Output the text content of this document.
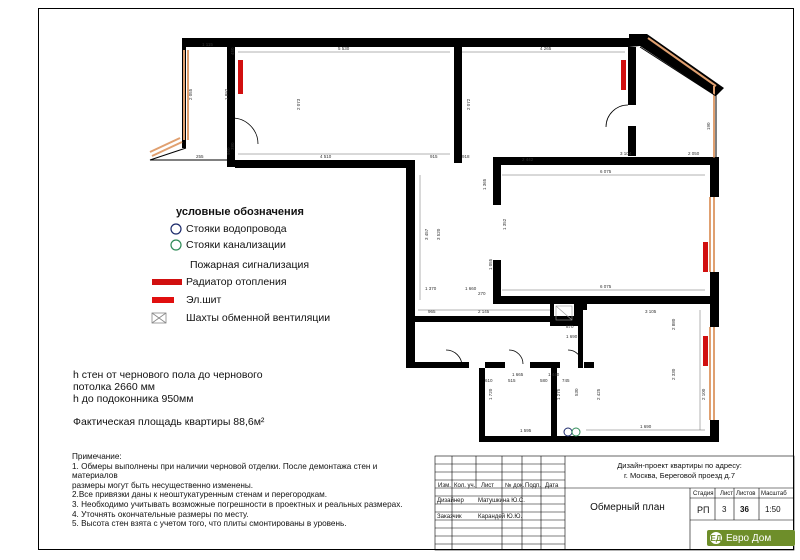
1 115
5 530	4 265
4 510	915	918
2 442
6 075
6 075
2 073	2 072
2 055	1 892
1 365
1 352
1 055
3 520
3 457
965	2 145	3 105
870
1 690
1 595
1 690
3 104	2 050
2 330
2 880
1 665
610	515	580	745
1 720	1 275	2 425
1 370	1 660
450
380
270
255
950
2 100
530
1 440
190
условные обозначения
Стояки водопровода
Стояки канализации
Пожарная сигнализация
Радиатор отопления
Эл.шит
Шахты обменной вентиляции
h стен от чернового пола до чернового
потолка 2660 мм
h до подоконника 950мм
Фактическая площадь квартиры 88,6м²
Примечание:
1. Обмеры выполнены при наличии черновой отделки. После демонтажа стен и материалов
размеры могут быть несущественно изменены.
2.Все привязки даны к неоштукатуренным стенам и перегородкам.
3. Необходимо учитывать возможные погрешности в проектных и реальных размерах.
4. Уточнять окончательные размеры по месту.
5. Высота стен взята с учетом того, что плиты смонтированы в уровень.
Изм. Кол. уч. Лист № док. Подп. Дата
Дизайнер Матушкина Ю.С.
Заказчик	Карандей Ю.Ю.
Дизайн-проект квартиры по адресу:
г. Москва, Береговой проезд д.7
Обмерный план
Стадия Лист Листов Масштаб
РП 3 36 1:50
ЕД Евро Дом
